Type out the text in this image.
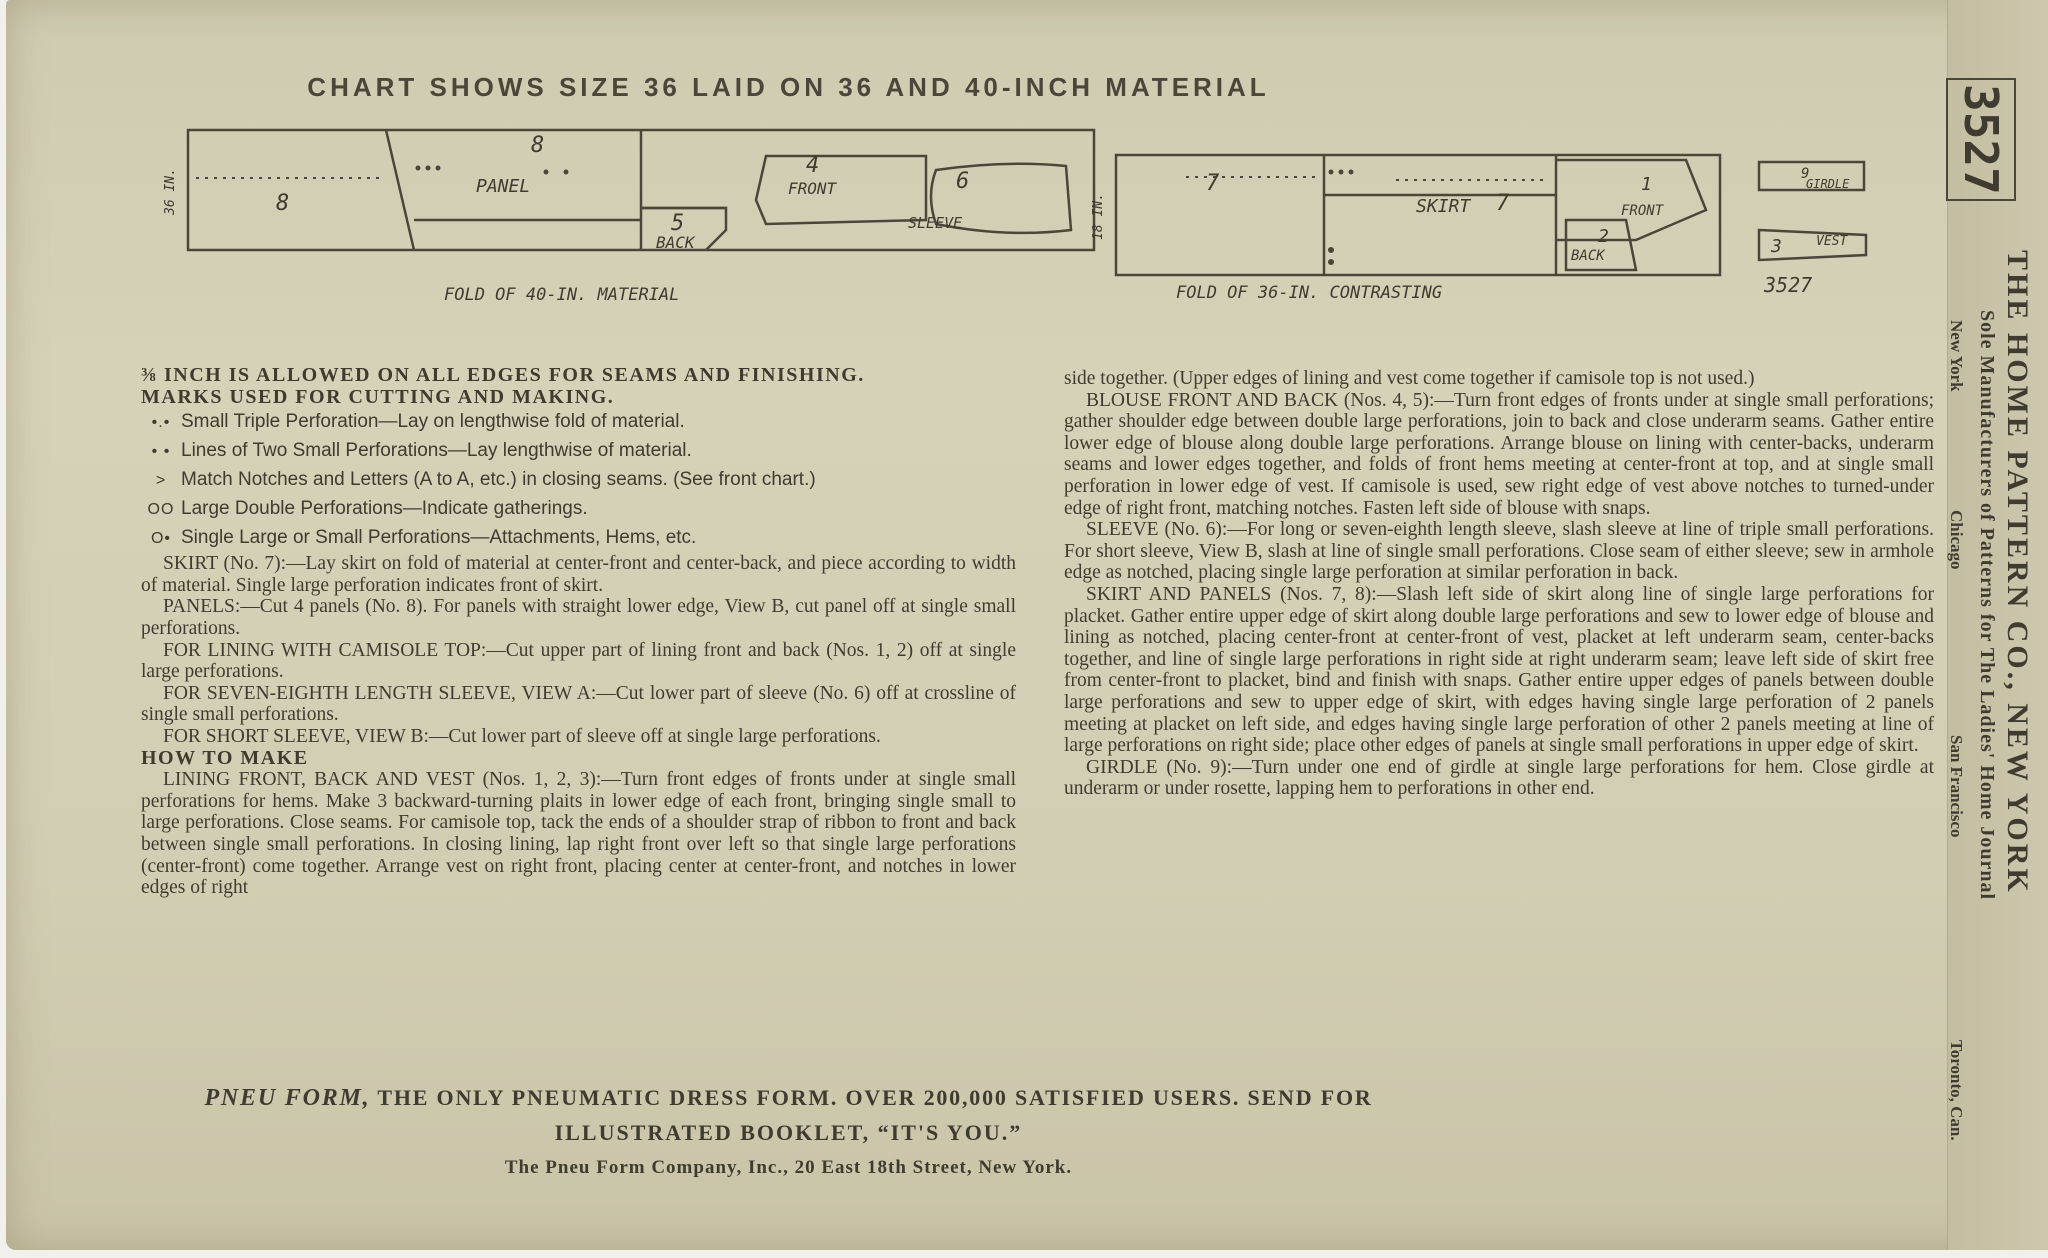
CHART SHOWS SIZE 36 LAID ON 36 AND 40-INCH MATERIAL
FOLD OF 40-IN. MATERIAL	FOLD OF 36-IN. CONTRASTING
36 IN.
18 IN.
8
8
PANEL
5
BACK
4
FRONT	6
SLEEVE
7
SKIRT 7
1
FRONT
2
BACK
9
GIRDLE
3	VEST
3527

⅜ INCH IS ALLOWED ON ALL EDGES FOR SEAMS AND FINISHING.

MARKS USED FOR CUTTING AND MAKING.

•.• Small Triple Perforation—Lay on lengthwise fold of material.
• • Lines of Two Small Perforations—Lay lengthwise of material.
> Match Notches and Letters (A to A, etc.) in closing seams. (See front chart.)
OO Large Double Perforations—Indicate gatherings.
O• Single Large or Small Perforations—Attachments, Hems, etc.

SKIRT (No. 7):—Lay skirt on fold of material at center-front and center-back, and piece according to width of material. Single large perforation indicates front of skirt.

PANELS:—Cut 4 panels (No. 8). For panels with straight lower edge, View B, cut panel off at single small perforations.

FOR LINING WITH CAMISOLE TOP:—Cut upper part of lining front and back (Nos. 1, 2) off at single large perforations.

FOR SEVEN-EIGHTH LENGTH SLEEVE, VIEW A:—Cut lower part of sleeve (No. 6) off at crossline of single small perforations.

FOR SHORT SLEEVE, VIEW B:—Cut lower part of sleeve off at single large perforations.

HOW TO MAKE

LINING FRONT, BACK AND VEST (Nos. 1, 2, 3):—Turn front edges of fronts under at single small perforations for hems. Make 3 backward-turning plaits in lower edge of each front, bringing single small to large perforations. Close seams. For camisole top, tack the ends of a shoulder strap of ribbon to front and back between single small perforations. In closing lining, lap right front over left so that single large perforations (center-front) come together. Arrange vest on right front, placing center at center-front, and notches in lower edges of right

side together. (Upper edges of lining and vest come together if camisole top is not used.)

BLOUSE FRONT AND BACK (Nos. 4, 5):—Turn front edges of fronts under at single small perforations; gather shoulder edge between double large perforations, join to back and close underarm seams. Gather entire lower edge of blouse along double large perforations. Arrange blouse on lining with center-backs, underarm seams and lower edges together, and folds of front hems meeting at center-front at top, and at single small perforation in lower edge of vest. If camisole is used, sew right edge of vest above notches to turned-under edge of right front, matching notches. Fasten left side of blouse with snaps.

SLEEVE (No. 6):—For long or seven-eighth length sleeve, slash sleeve at line of triple small perforations. For short sleeve, View B, slash at line of single small perforations. Close seam of either sleeve; sew in armhole edge as notched, placing single large perforation at similar perforation in back.

SKIRT AND PANELS (Nos. 7, 8):—Slash left side of skirt along line of single large perforations for placket. Gather entire upper edge of skirt along double large perforations and sew to lower edge of blouse and lining as notched, placing center-front at center-front of vest, placket at left underarm seam, center-backs together, and line of single large perforations in right side at right underarm seam; leave left side of skirt free from center-front to placket, bind and finish with snaps. Gather entire upper edges of panels between double large perforations and sew to upper edge of skirt, with edges having single large perforation of 2 panels meeting at placket on left side, and edges having single large perforation of other 2 panels meeting at line of large perforations on right side; place other edges of panels at single small perforations in upper edge of skirt.

GIRDLE (No. 9):—Turn under one end of girdle at single large perforations for hem. Close girdle at underarm or under rosette, lapping hem to perforations in other end.

PNEU FORM, THE ONLY PNEUMATIC DRESS FORM. OVER 200,000 SATISFIED USERS. SEND FOR
ILLUSTRATED BOOKLET, “IT'S YOU.”
The Pneu Form Company, Inc., 20 East 18th Street, New York.
3527
THE HOME PATTERN CO., NEW YORK
Sole Manufacturers of Patterns for The Ladies' Home Journal
New York
Chicago
San Francisco
Toronto, Can.
